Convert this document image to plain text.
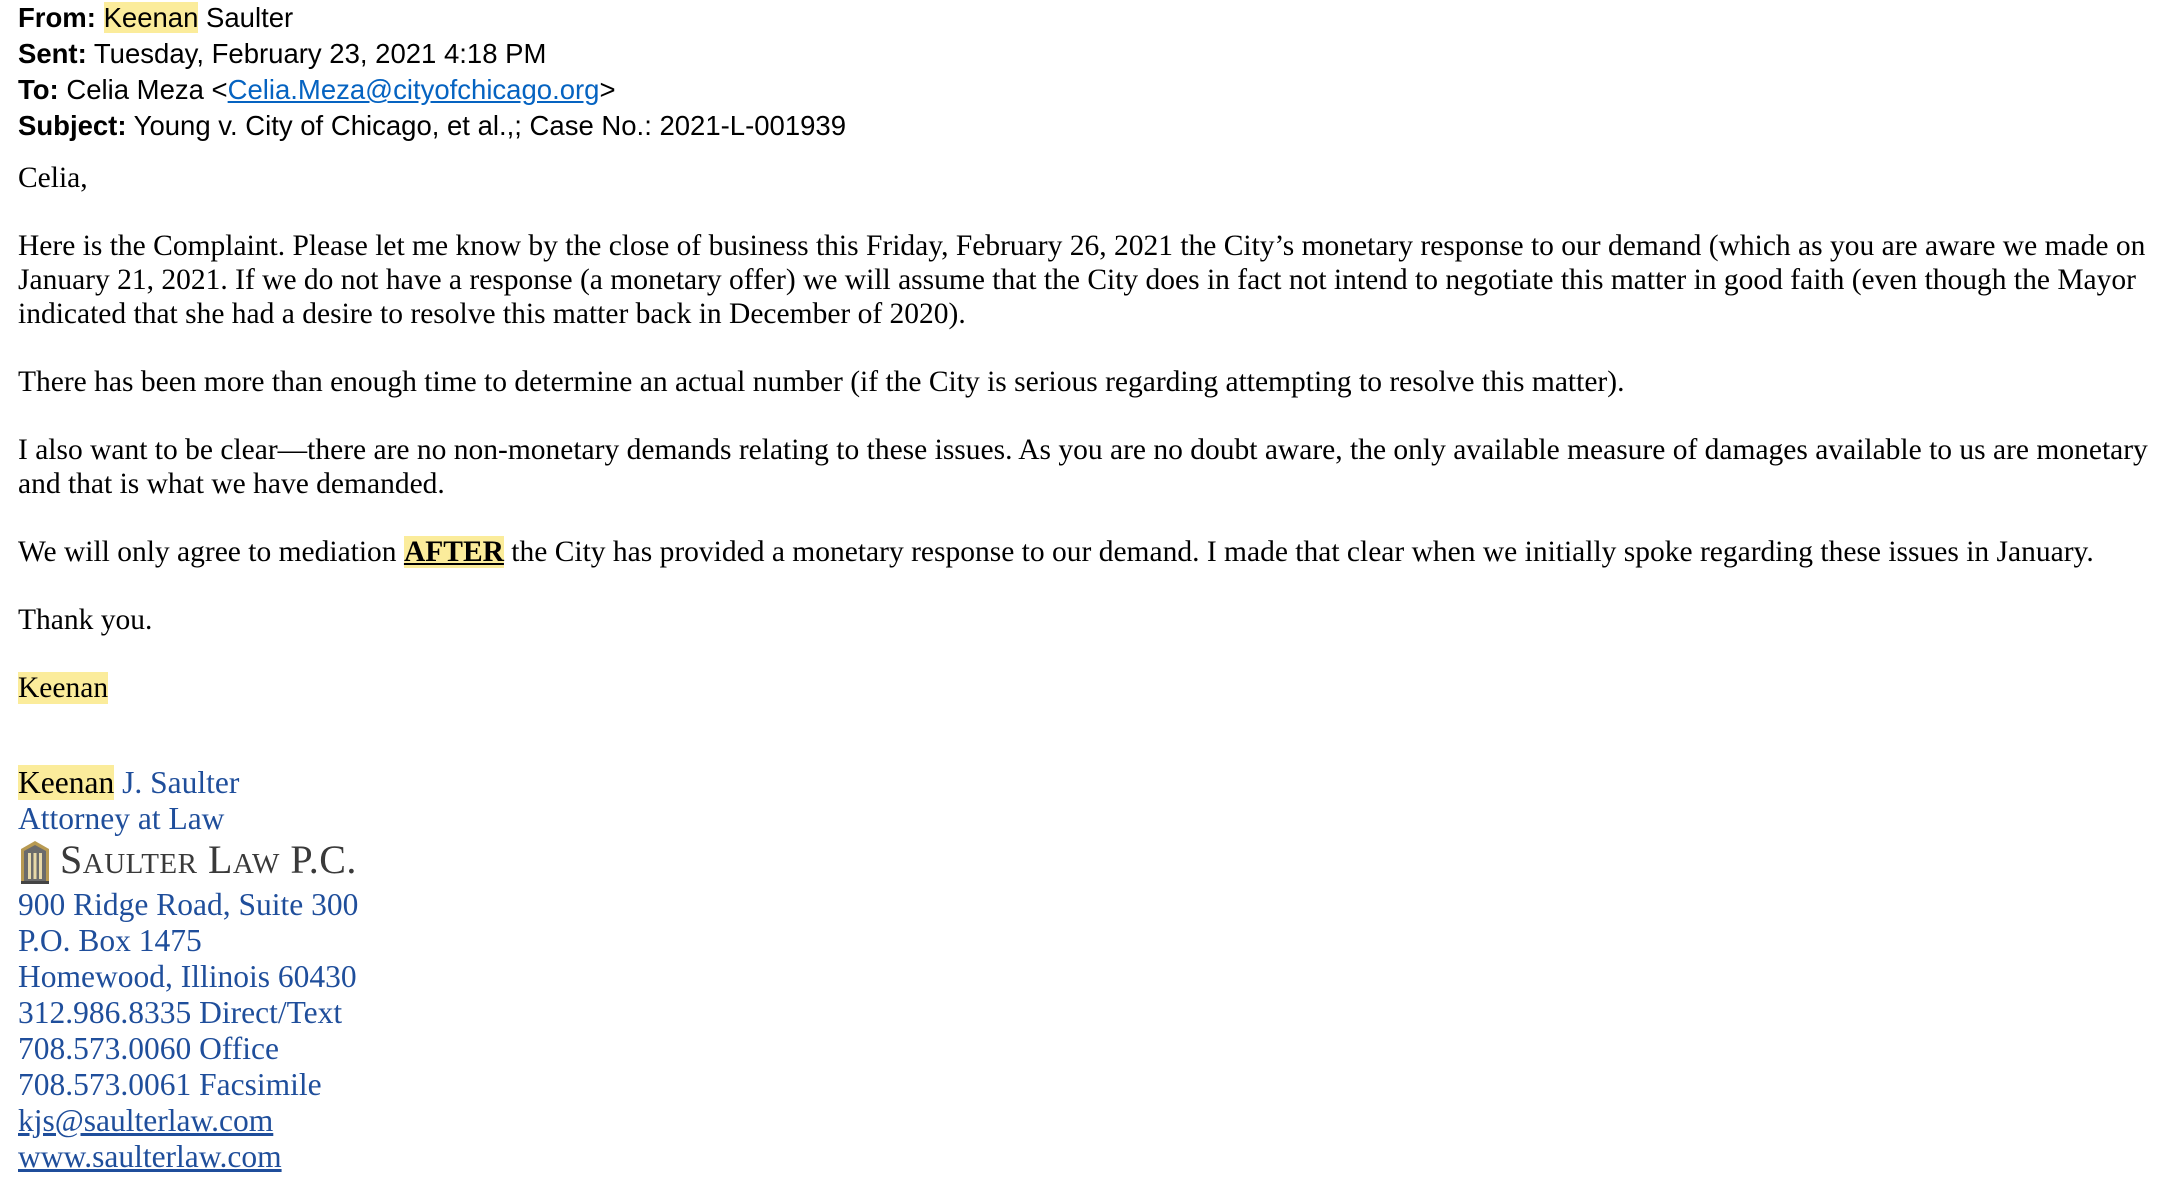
From: Keenan Saulter
Sent: Tuesday, February 23, 2021 4:18 PM
To: Celia Meza <Celia.Meza@cityofchicago.org>
Subject: Young v. City of Chicago, et al.,; Case No.: 2021-L-001939

Celia,

Here is the Complaint. Please let me know by the close of business this Friday, February 26, 2021 the City’s monetary response to our demand (which as you are aware we made on January 21, 2021. If we do not have a response (a monetary offer) we will assume that the City does in fact not intend to negotiate this matter in good faith (even though the Mayor indicated that she had a desire to resolve this matter back in December of 2020).

There has been more than enough time to determine an actual number (if the City is serious regarding attempting to resolve this matter).

I also want to be clear—there are no non-monetary demands relating to these issues. As you are no doubt aware, the only available measure of damages available to us are monetary and that is what we have demanded.

We will only agree to mediation AFTER the City has provided a monetary response to our demand. I made that clear when we initially spoke regarding these issues in January.

Thank you.

Keenan

Keenan J. Saulter
Attorney at Law
SAULTER LAW P.C.
900 Ridge Road, Suite 300
P.O. Box 1475
Homewood, Illinois 60430
312.986.8335 Direct/Text
708.573.0060 Office
708.573.0061 Facsimile
kjs@saulterlaw.com
www.saulterlaw.com
